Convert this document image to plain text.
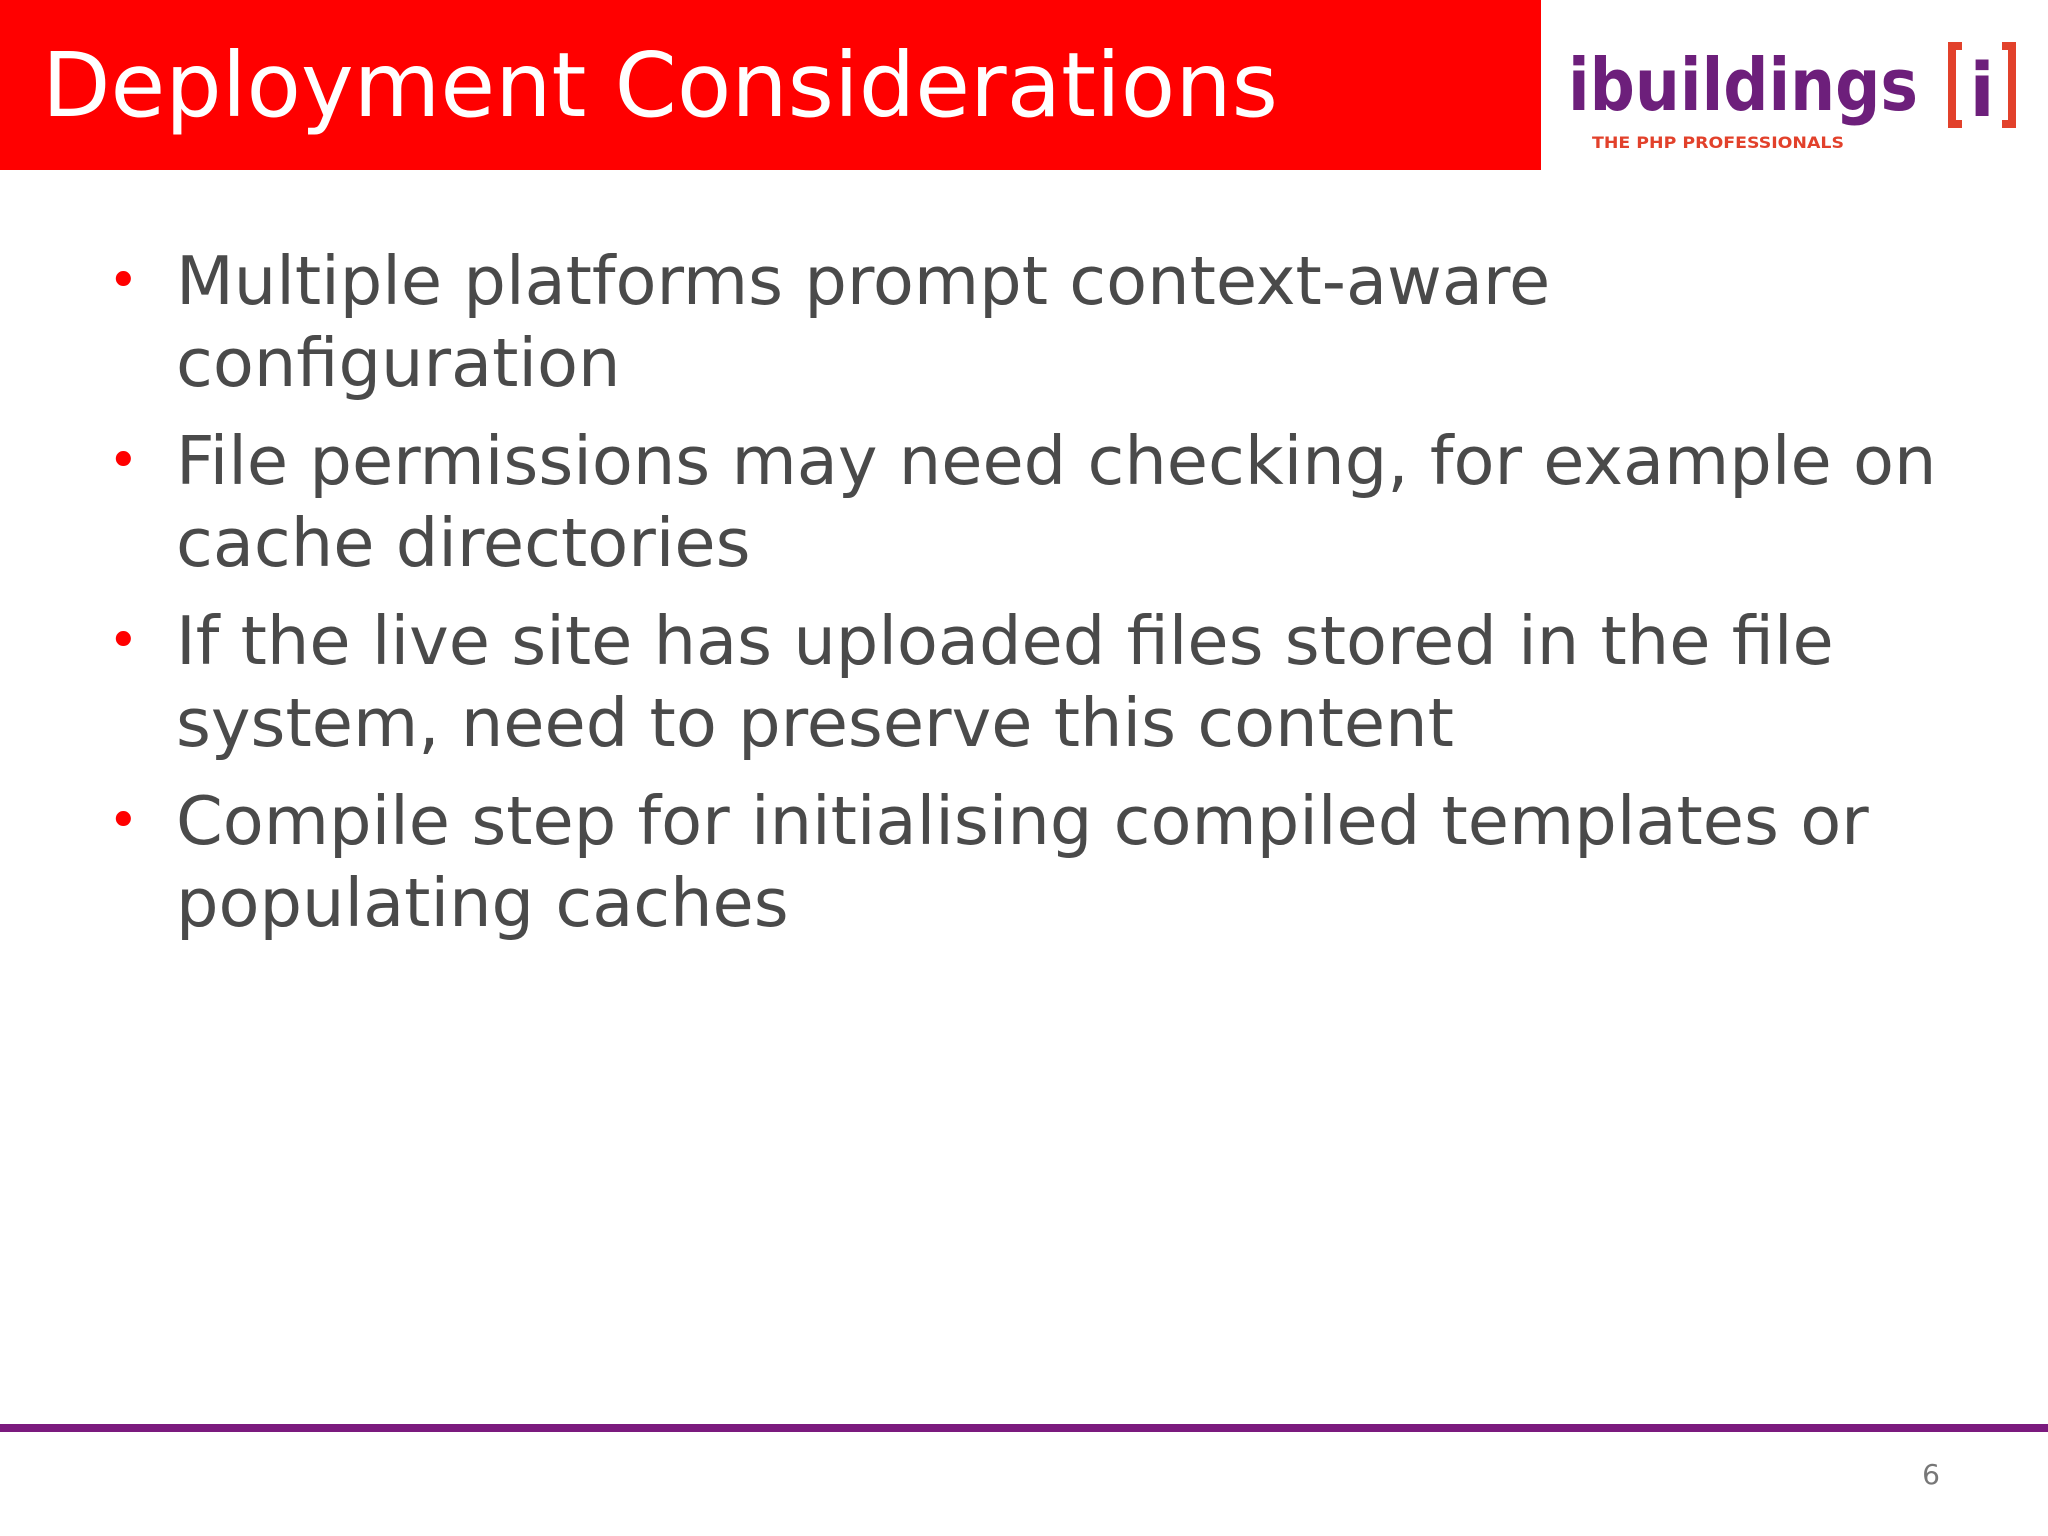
Deployment Considerations	ibuildings i
THE PHP PROFESSIONALS
• Multiple platforms prompt context-aware configuration
• File permissions may need checking, for example on cache directories
• If the live site has uploaded files stored in the file system, need to preserve this content
• Compile step for initialising compiled templates or populating caches
6
